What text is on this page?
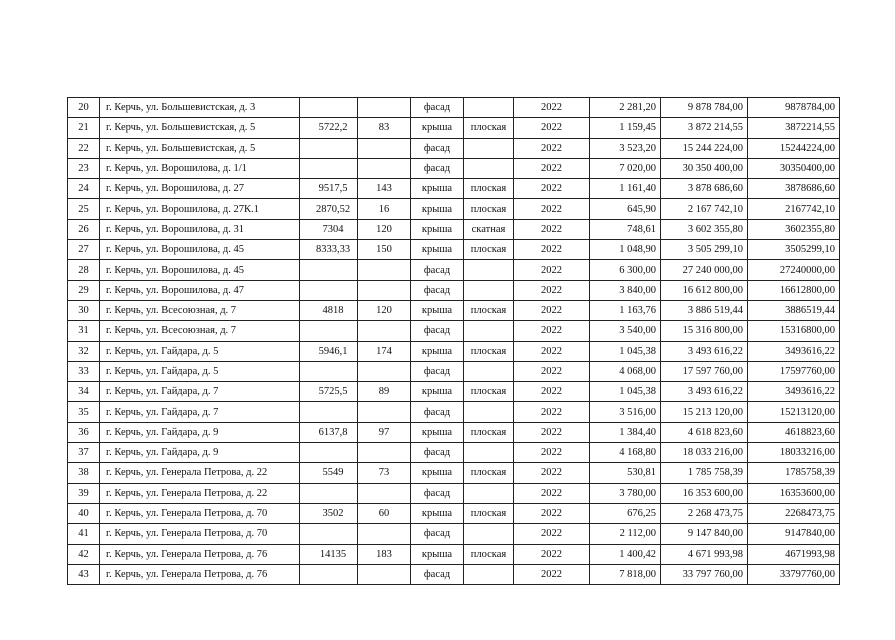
20	г. Керчь, ул. Большевистская, д. 3			фасад		2022	2 281,20	9 878 784,00	9878784,00
21	г. Керчь, ул. Большевистская, д. 5	5722,2	83	крыша	плоская	2022	1 159,45	3 872 214,55	3872214,55
22	г. Керчь, ул. Большевистская, д. 5			фасад		2022	3 523,20	15 244 224,00	15244224,00
23	г. Керчь, ул. Ворошилова, д. 1/1			фасад		2022	7 020,00	30 350 400,00	30350400,00
24	г. Керчь, ул. Ворошилова, д. 27	9517,5	143	крыша	плоская	2022	1 161,40	3 878 686,60	3878686,60
25	г. Керчь, ул. Ворошилова, д. 27К.1	2870,52	16	крыша	плоская	2022	645,90	2 167 742,10	2167742,10
26	г. Керчь, ул. Ворошилова, д. 31	7304	120	крыша	скатная	2022	748,61	3 602 355,80	3602355,80
27	г. Керчь, ул. Ворошилова, д. 45	8333,33	150	крыша	плоская	2022	1 048,90	3 505 299,10	3505299,10
28	г. Керчь, ул. Ворошилова, д. 45			фасад		2022	6 300,00	27 240 000,00	27240000,00
29	г. Керчь, ул. Ворошилова, д. 47			фасад		2022	3 840,00	16 612 800,00	16612800,00
30	г. Керчь, ул. Всесоюзная, д. 7	4818	120	крыша	плоская	2022	1 163,76	3 886 519,44	3886519,44
31	г. Керчь, ул. Всесоюзная, д. 7			фасад		2022	3 540,00	15 316 800,00	15316800,00
32	г. Керчь, ул. Гайдара, д. 5	5946,1	174	крыша	плоская	2022	1 045,38	3 493 616,22	3493616,22
33	г. Керчь, ул. Гайдара, д. 5			фасад		2022	4 068,00	17 597 760,00	17597760,00
34	г. Керчь, ул. Гайдара, д. 7	5725,5	89	крыша	плоская	2022	1 045,38	3 493 616,22	3493616,22
35	г. Керчь, ул. Гайдара, д. 7			фасад		2022	3 516,00	15 213 120,00	15213120,00
36	г. Керчь, ул. Гайдара, д. 9	6137,8	97	крыша	плоская	2022	1 384,40	4 618 823,60	4618823,60
37	г. Керчь, ул. Гайдара, д. 9			фасад		2022	4 168,80	18 033 216,00	18033216,00
38	г. Керчь, ул. Генерала Петрова, д. 22	5549	73	крыша	плоская	2022	530,81	1 785 758,39	1785758,39
39	г. Керчь, ул. Генерала Петрова, д. 22			фасад		2022	3 780,00	16 353 600,00	16353600,00
40	г. Керчь, ул. Генерала Петрова, д. 70	3502	60	крыша	плоская	2022	676,25	2 268 473,75	2268473,75
41	г. Керчь, ул. Генерала Петрова, д. 70			фасад		2022	2 112,00	9 147 840,00	9147840,00
42	г. Керчь, ул. Генерала Петрова, д. 76	14135	183	крыша	плоская	2022	1 400,42	4 671 993,98	4671993,98
43	г. Керчь, ул. Генерала Петрова, д. 76			фасад		2022	7 818,00	33 797 760,00	33797760,00
